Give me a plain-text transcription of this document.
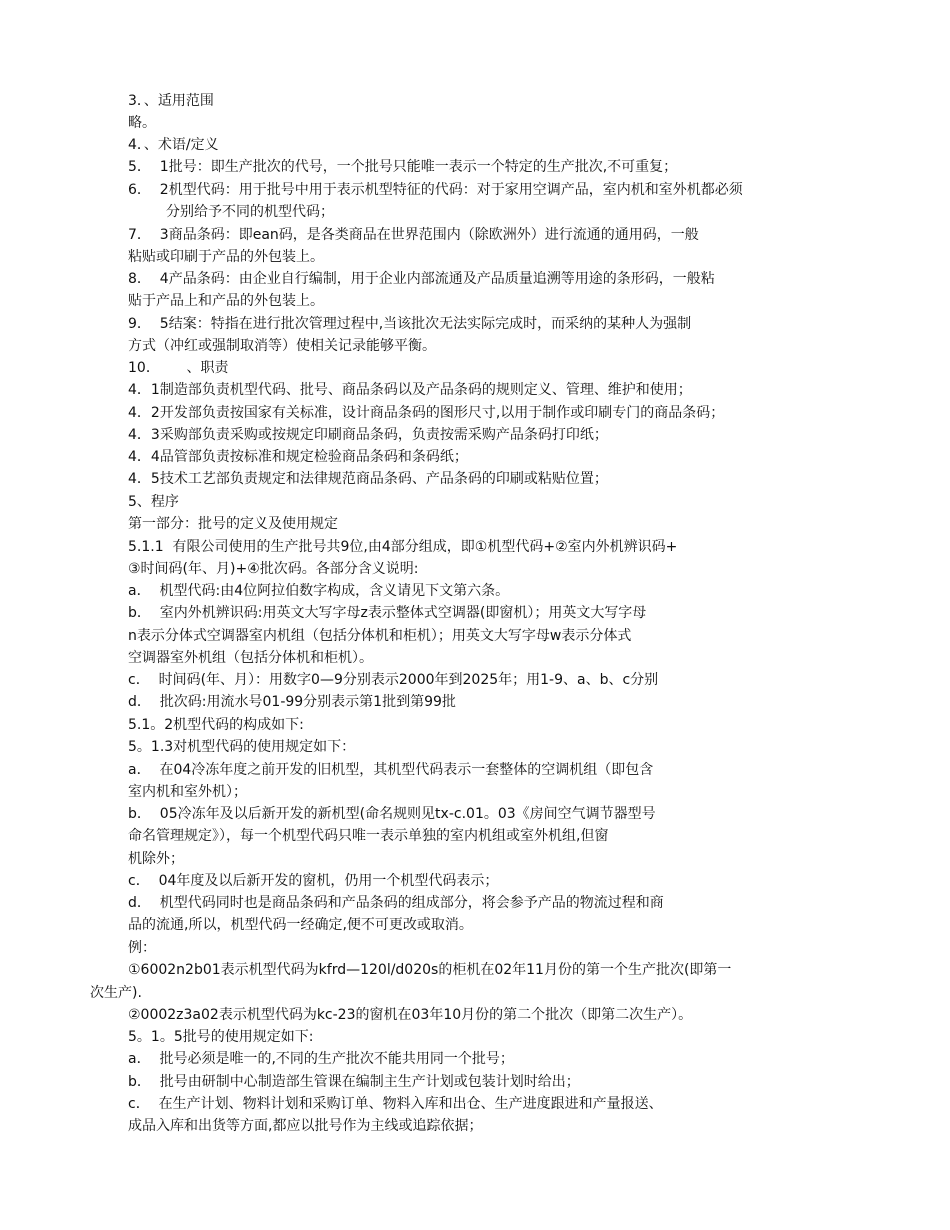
3．、适用范围
略。
4．、术语/定义
5．  1批号：即生产批次的代号，一个批号只能唯一表示一个特定的生产批次,不可重复；
6．  2机型代码：用于批号中用于表示机型特征的代码：对于家用空调产品，室内机和室外机都必须
分别给予不同的机型代码；
7．  3商品条码：即ean码，是各类商品在世界范围内（除欧洲外）进行流通的通用码，一般
粘贴或印刷于产品的外包装上。
8．  4产品条码：由企业自行编制，用于企业内部流通及产品质量追溯等用途的条形码，一般粘
贴于产品上和产品的外包装上。
9．  5结案：特指在进行批次管理过程中,当该批次无法实际完成时，而采纳的某种人为强制
方式（冲红或强制取消等）使相关记录能够平衡。
10．      、职责
4．1制造部负责机型代码、批号、商品条码以及产品条码的规则定义、管理、维护和使用；
4．2开发部负责按国家有关标准，设计商品条码的图形尺寸,以用于制作或印刷专门的商品条码；
4．3采购部负责采购或按规定印刷商品条码，负责按需采购产品条码打印纸；
4．4品管部负责按标准和规定检验商品条码和条码纸；
4．5技术工艺部负责规定和法律规范商品条码、产品条码的印刷或粘贴位置；
5、程序
第一部分：批号的定义及使用规定
5.1.1  有限公司使用的生产批号共9位,由4部分组成，即①机型代码+②室内外机辨识码+
③时间码(年、月)+④批次码。各部分含义说明:
a．  机型代码:由4位阿拉伯数字构成，含义请见下文第六条。
b．  室内外机辨识码:用英文大写字母z表示整体式空调器(即窗机）；用英文大写字母
n表示分体式空调器室内机组（包括分体机和柜机）；用英文大写字母w表示分体式
空调器室外机组（包括分体机和柜机）。
c．  时间码(年、月）：用数字0—9分别表示2000年到2025年；用1-9、a、b、c分别
d．  批次码:用流水号01-99分别表示第1批到第99批
5.1。2机型代码的构成如下:
5。1.3对机型代码的使用规定如下：
a．  在04冷冻年度之前开发的旧机型，其机型代码表示一套整体的空调机组（即包含
室内机和室外机）；
b．  05冷冻年及以后新开发的新机型(命名规则见tx-c.01。03《房间空气调节器型号
命名管理规定》），每一个机型代码只唯一表示单独的室内机组或室外机组,但窗
机除外；
c．  04年度及以后新开发的窗机，仍用一个机型代码表示；
d．  机型代码同时也是商品条码和产品条码的组成部分，将会参予产品的物流过程和商
品的流通,所以，机型代码一经确定,便不可更改或取消。
例：
①6002n2b01表示机型代码为kfrd—120l/d020s的柜机在02年11月份的第一个生产批次(即第一
次生产).
②0002z3a02表示机型代码为kc-23的窗机在03年10月份的第二个批次（即第二次生产）。
5。1。5批号的使用规定如下:
a．  批号必须是唯一的,不同的生产批次不能共用同一个批号；
b．  批号由研制中心制造部生管课在编制主生产计划或包装计划时给出；
c．  在生产计划、物料计划和采购订单、物料入库和出仓、生产进度跟进和产量报送、
成品入库和出货等方面,都应以批号作为主线或追踪依据；
